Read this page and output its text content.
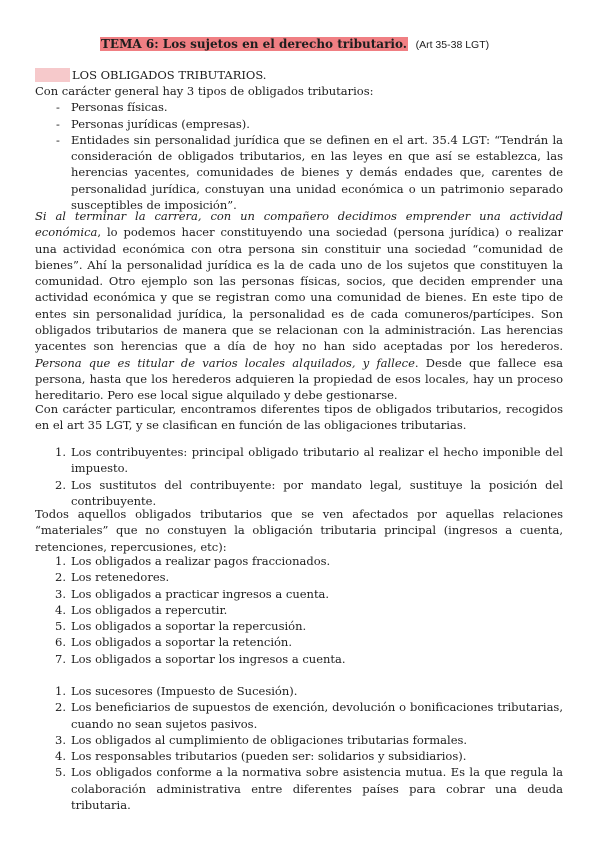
TEMA 6: Los sujetos en el derecho tributario. (Art 35-38 LGT)
LOS OBLIGADOS TRIBUTARIOS.
Con carácter general hay 3 tipos de obligados tributarios:
- Personas físicas.
- Personas jurídicas (empresas).
- Entidades sin personalidad jurídica que se definen en el art. 35.4 LGT: “Tendrán la consideración de obligados tributarios, en las leyes en que así se establezca, las herencias yacentes, comunidades de bienes y demás endades que, carentes de personalidad jurídica, constuyan una unidad económica o un patrimonio separado susceptibles de imposición”.
Si al terminar la carrera, con un compañero decidimos emprender una actividad económica, lo podemos hacer constituyendo una sociedad (persona jurídica) o realizar una actividad económica con otra persona sin constituir una sociedad “comunidad de bienes”. Ahí la personalidad jurídica es la de cada uno de los sujetos que constituyen la comunidad. Otro ejemplo son las personas físicas, socios, que deciden emprender una actividad económica y que se registran como una comunidad de bienes. En este tipo de entes sin personalidad jurídica, la personalidad es de cada comuneros/partícipes. Son obligados tributarios de manera que se relacionan con la administración. Las herencias yacentes son herencias que a día de hoy no han sido aceptadas por los herederos. Persona que es titular de varios locales alquilados, y fallece. Desde que fallece esa persona, hasta que los herederos adquieren la propiedad de esos locales, hay un proceso hereditario. Pero ese local sigue alquilado y debe gestionarse.
Con carácter particular, encontramos diferentes tipos de obligados tributarios, recogidos en el art 35 LGT, y se clasifican en función de las obligaciones tributarias.
1. Los contribuyentes: principal obligado tributario al realizar el hecho imponible del impuesto.
2. Los sustitutos del contribuyente: por mandato legal, sustituye la posición del contribuyente.
Todos aquellos obligados tributarios que se ven afectados por aquellas relaciones “materiales” que no constuyen la obligación tributaria principal (ingresos a cuenta, retenciones, repercusiones, etc):
1. Los obligados a realizar pagos fraccionados.
2. Los retenedores.
3. Los obligados a practicar ingresos a cuenta.
4. Los obligados a repercutir.
5. Los obligados a soportar la repercusión.
6. Los obligados a soportar la retención.
7. Los obligados a soportar los ingresos a cuenta.
1. Los sucesores (Impuesto de Sucesión).
2. Los beneficiarios de supuestos de exención, devolución o bonificaciones tributarias, cuando no sean sujetos pasivos.
3. Los obligados al cumplimiento de obligaciones tributarias formales.
4. Los responsables tributarios (pueden ser: solidarios y subsidiarios).
5. Los obligados conforme a la normativa sobre asistencia mutua. Es la que regula la colaboración administrativa entre diferentes países para cobrar una deuda tributaria.
